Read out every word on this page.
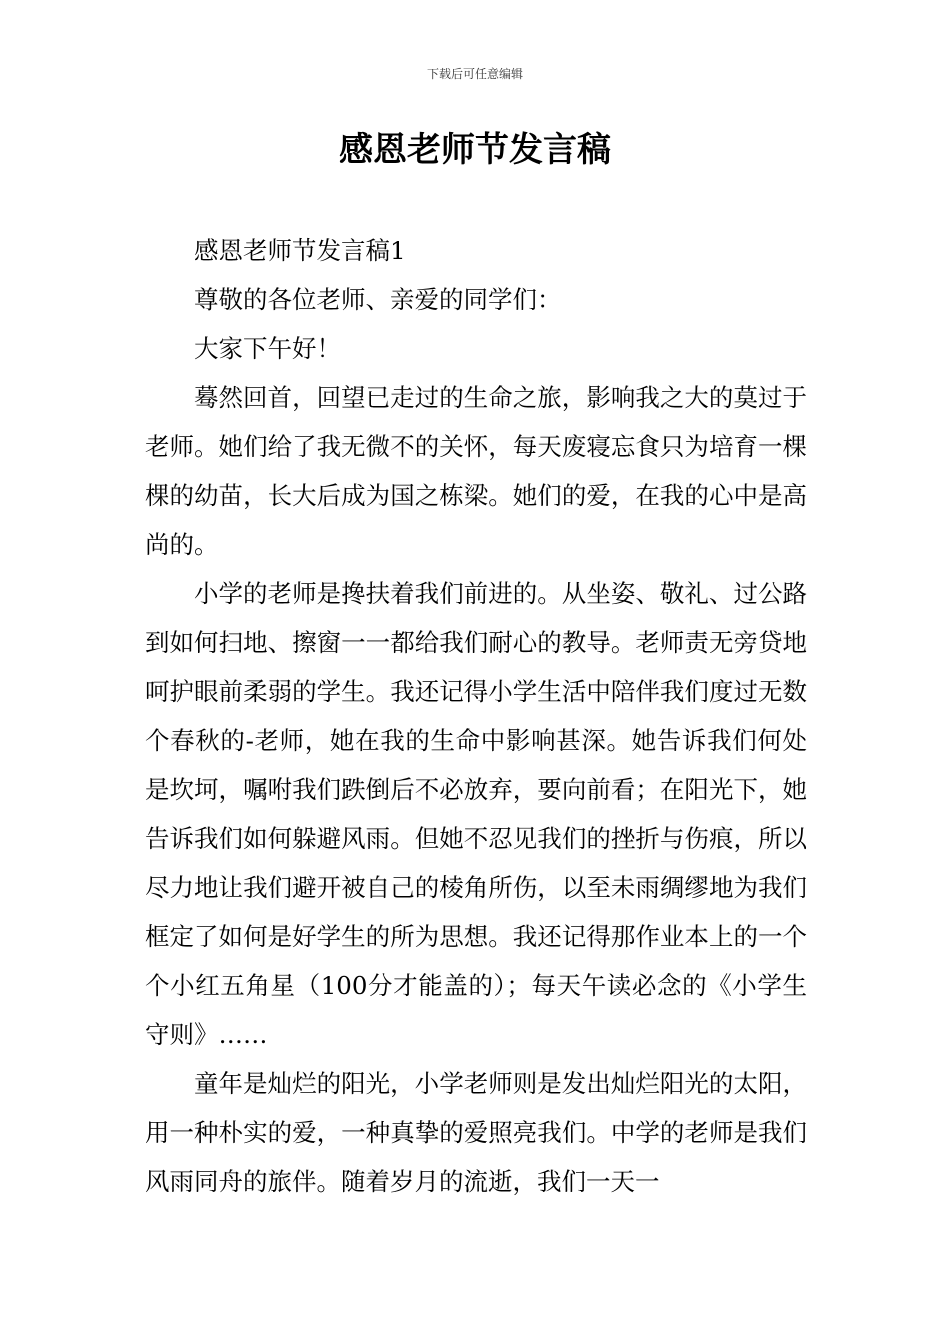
下载后可任意编辑
感恩老师节发言稿

感恩老师节发言稿1

尊敬的各位老师、亲爱的同学们：

大家下午好！

蓦然回首，回望已走过的生命之旅，影响我之大的莫过于老师。她们给了我无微不的关怀，每天废寝忘食只为培育一棵棵的幼苗，长大后成为国之栋梁。她们的爱，在我的心中是高尚的。

小学的老师是搀扶着我们前进的。从坐姿、敬礼、过公路到如何扫地、擦窗一一都给我们耐心的教导。老师责无旁贷地呵护眼前柔弱的学生。我还记得小学生活中陪伴我们度过无数个春秋的-老师，她在我的生命中影响甚深。她告诉我们何处是坎坷，嘱咐我们跌倒后不必放弃，要向前看；在阳光下，她告诉我们如何躲避风雨。但她不忍见我们的挫折与伤痕，所以尽力地让我们避开被自己的棱角所伤，以至未雨绸缪地为我们框定了如何是好学生的所为思想。我还记得那作业本上的一个个小红五角星（100分才能盖的）；每天午读必念的《小学生守则》……

童年是灿烂的阳光，小学老师则是发出灿烂阳光的太阳，用一种朴实的爱，一种真挚的爱照亮我们。中学的老师是我们风雨同舟的旅伴。随着岁月的流逝，我们一天一
